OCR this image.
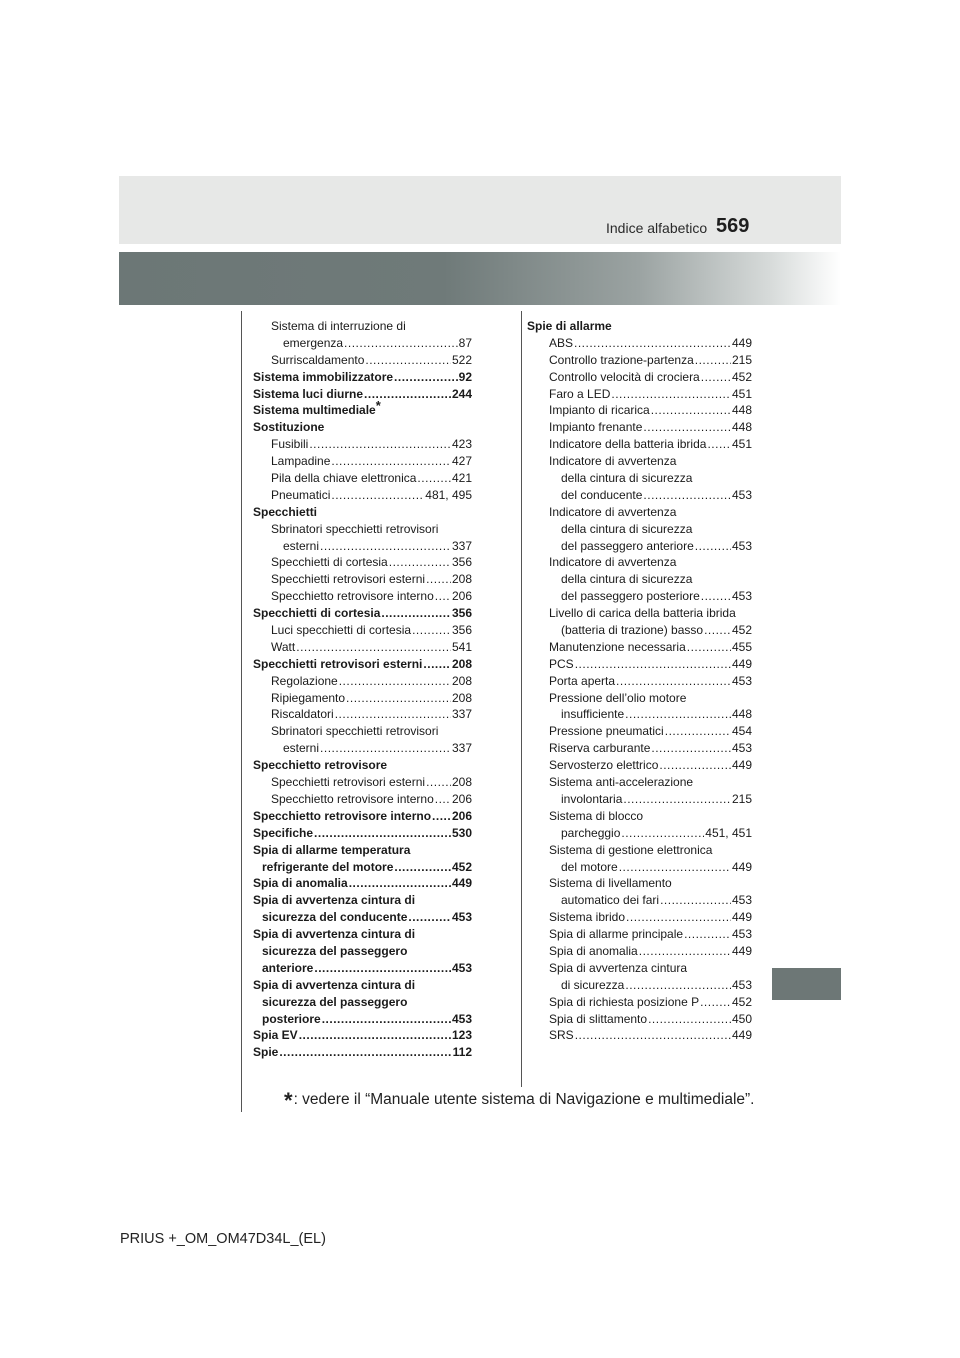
Indice alfabetico 569
Sistema di interruzione di
emergenza .....	87
Surriscaldamento .....	522
Sistema immobilizzatore .....	92
Sistema luci diurne .....	244
Sistema multimediale*
Sostituzione
Fusibili .....	423
Lampadine .....	427
Pila della chiave elettronica .....	421
Pneumatici .....	481, 495
Specchietti
Sbrinatori specchietti retrovisori
esterni .....	337
Specchietti di cortesia .....	356
Specchietti retrovisori esterni ..... 208
Specchietto retrovisore interno ..... 206
Specchietti di cortesia .....	356
Luci specchietti di cortesia .....	356
Watt .....	541
Specchietti retrovisori esterni ..... 208
Regolazione .....	208
Ripiegamento .....	208
Riscaldatori .....	337
Sbrinatori specchietti retrovisori
esterni .....	337
Specchietto retrovisore
Specchietti retrovisori esterni ..... 208
Specchietto retrovisore interno ..... 206
Specchietto retrovisore interno ..... 206
Specifiche .....	530
Spia di allarme temperatura
refrigerante del motore .....	452
Spia di anomalia .....	449
Spia di avvertenza cintura di
sicurezza del conducente .....	453
Spia di avvertenza cintura di
sicurezza del passeggero
anteriore .....	453
Spia di avvertenza cintura di
sicurezza del passeggero
posteriore .....	453
Spia EV .....	123
Spie .....	112
Spie di allarme
ABS .....	449
Controllo trazione-partenza .....	215
Controllo velocità di crociera .....	452
Faro a LED .....	451
Impianto di ricarica .....	448
Impianto frenante .....	448
Indicatore della batteria ibrida ..... 451
Indicatore di avvertenza
della cintura di sicurezza
del conducente .....	453
Indicatore di avvertenza
della cintura di sicurezza
del passeggero anteriore .....	453
Indicatore di avvertenza
della cintura di sicurezza
del passeggero posteriore .....	453
Livello di carica della batteria ibrida
(batteria di trazione) basso ..... 452
Manutenzione necessaria .....	455
PCS .....	449
Porta aperta .....	453
Pressione dell’olio motore
insufficiente .....	448
Pressione pneumatici .....	454
Riserva carburante .....	453
Servosterzo elettrico .....	449
Sistema anti-accelerazione
involontaria .....	215
Sistema di blocco
parcheggio .....	451, 451
Sistema di gestione elettronica
del motore .....	449
Sistema di livellamento
automatico dei fari .....	453
Sistema ibrido .....	449
Spia di allarme principale .....	453
Spia di anomalia .....	449
Spia di avvertenza cintura
di sicurezza .....	453
Spia di richiesta posizione P .....	452
Spia di slittamento .....	450
SRS .....	449
*: vedere il “Manuale utente sistema di Navigazione e multimediale”.
PRIUS +_OM_OM47D34L_(EL)
